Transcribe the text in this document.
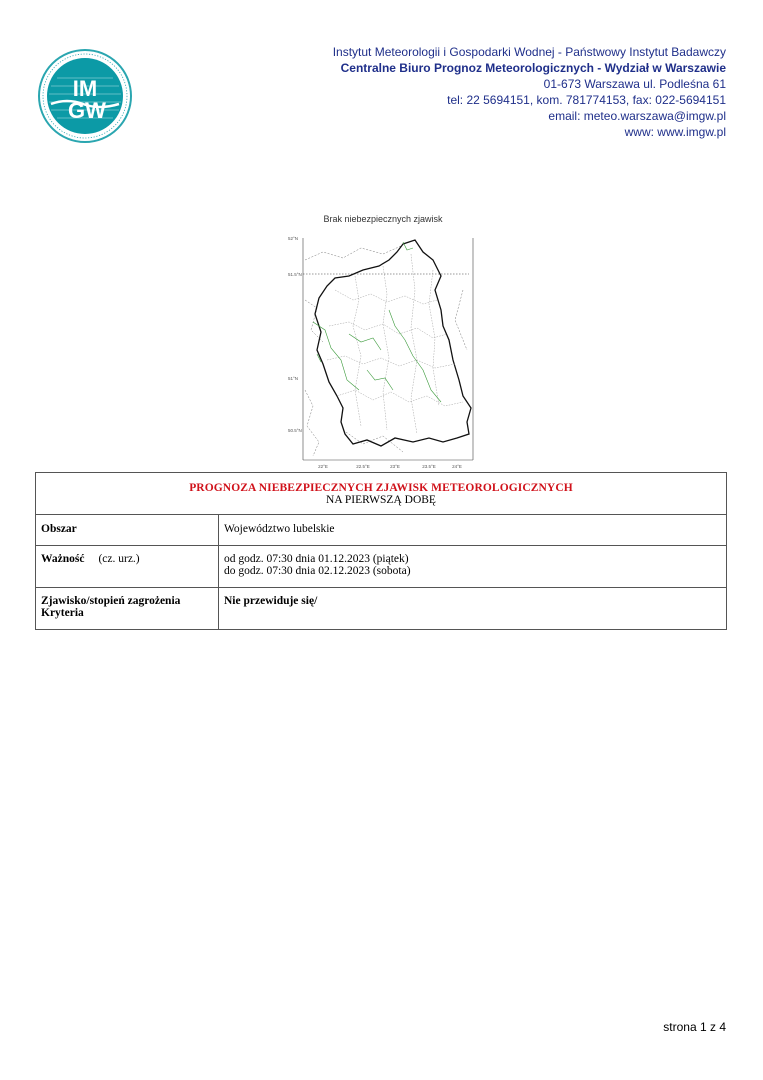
IM
GW
Instytut Meteorologii i Gospodarki Wodnej - Państwowy Instytut Badawczy
Centralne Biuro Prognoz Meteorologicznych - Wydział w Warszawie
01-673 Warszawa ul. Podleśna 61
tel: 22 5694151, kom. 781774153, fax: 022-5694151
email: meteo.warszawa@imgw.pl
www: www.imgw.pl
Brak niebezpiecznych zjawisk
52°N
51.5°N
51°N
50.5°N
22°E	22.5°E	23°E	23.5°E	24°E
PROGNOZA NIEBEZPIECZNYCH ZJAWISK METEOROLOGICZNYCH
NA PIERWSZĄ DOBĘ	

Obszar	Województwo lubelskie
Ważność (cz. urz.)	od godz. 07:30 dnia 01.12.2023 (piątek)
do godz. 07:30 dnia 02.12.2023 (sobota)

Zjawisko/stopień zagrożenia
Kryteria	Nie przewiduje się/
strona 1 z 4
